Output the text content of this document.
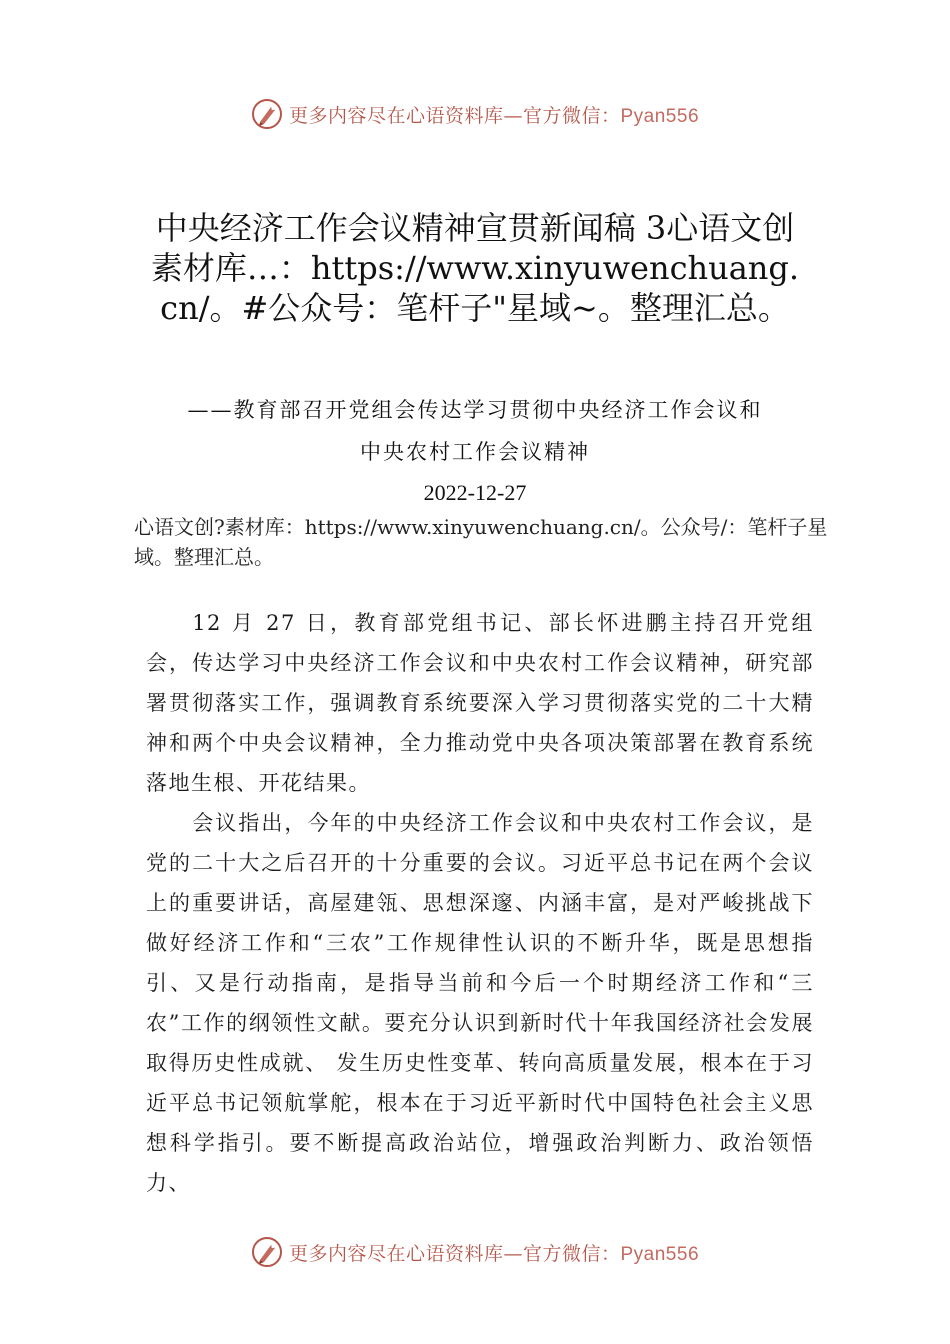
更多内容尽在心语资料库—官方微信：Pyan556
中央经济工作会议精神宣贯新闻稿 3心语文创素材库…：https://www.xinyuwenchuang.cn/。#公众号：笔杆子"星域~。整理汇总。
——教育部召开党组会传达学习贯彻中央经济工作会议和
中央农村工作会议精神
2022-12-27
心语文创?素材库：https://www.xinyuwenchuang.cn/。公众号/：笔杆子星域。整理汇总。

12 月 27 日，教育部党组书记、部长怀进鹏主持召开党组会，传达学习中央经济工作会议和中央农村工作会议精神，研究部署贯彻落实工作，强调教育系统要深入学习贯彻落实党的二十大精神和两个中央会议精神，全力推动党中央各项决策部署在教育系统落地生根、开花结果。

会议指出，今年的中央经济工作会议和中央农村工作会议，是党的二十大之后召开的十分重要的会议。习近平总书记在两个会议上的重要讲话，高屋建瓴、思想深邃、内涵丰富，是对严峻挑战下做好经济工作和“三农”工作规律性认识的不断升华，既是思想指引、又是行动指南，是指导当前和今后一个时期经济工作和“三农”工作的纲领性文献。要充分认识到新时代十年我国经济社会发展取得历史性成就、 发生历史性变革、转向高质量发展，根本在于习近平总书记领航掌舵，根本在于习近平新时代中国特色社会主义思想科学指引。要不断提高政治站位，增强政治判断力、政治领悟力、

更多内容尽在心语资料库—官方微信：Pyan556
